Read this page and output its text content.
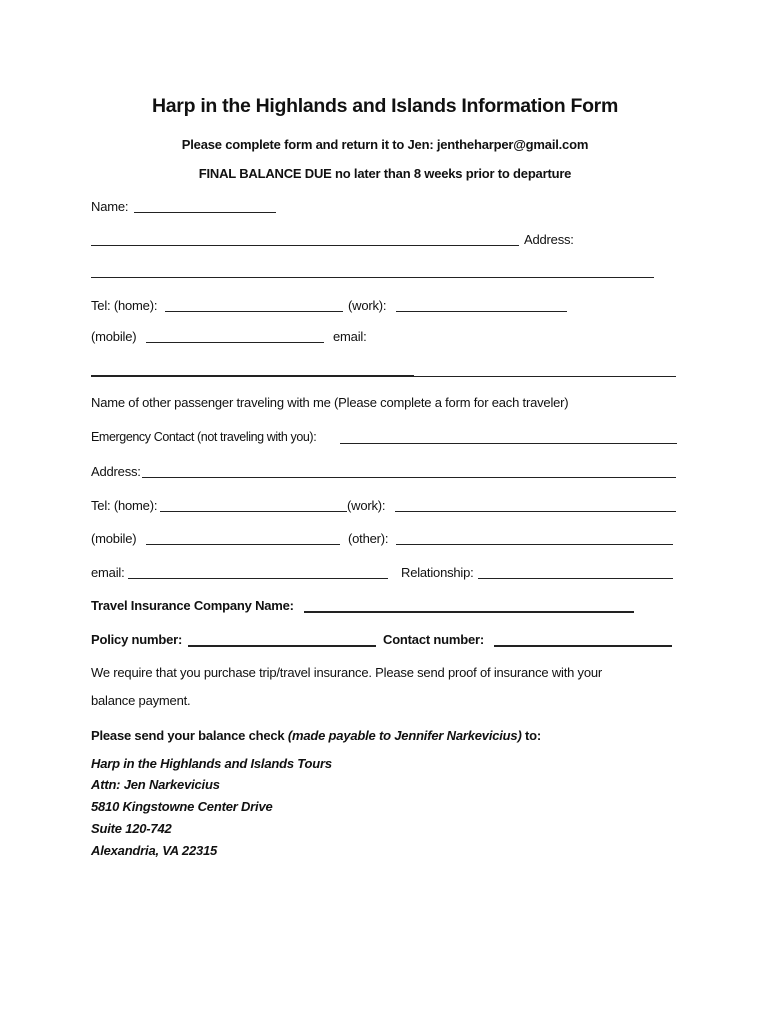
Harp in the Highlands and Islands Information Form
Please complete form and return it to Jen: jentheharper@gmail.com
FINAL BALANCE DUE no later than 8 weeks prior to departure
Name:
Address:
Tel: (home):	(work):
(mobile)	email:
Name of other passenger traveling with me (Please complete a form for each traveler)
Emergency Contact (not traveling with you):
Address:
Tel: (home):	(work):
(mobile)	(other):
email:	Relationship:
Travel Insurance Company Name:
Policy number:	Contact number:
We require that you purchase trip/travel insurance. Please send proof of insurance with your
balance payment.
Please send your balance check (made payable to Jennifer Narkevicius) to:
Harp in the Highlands and Islands Tours
Attn: Jen Narkevicius
5810 Kingstowne Center Drive
Suite 120-742
Alexandria, VA 22315
